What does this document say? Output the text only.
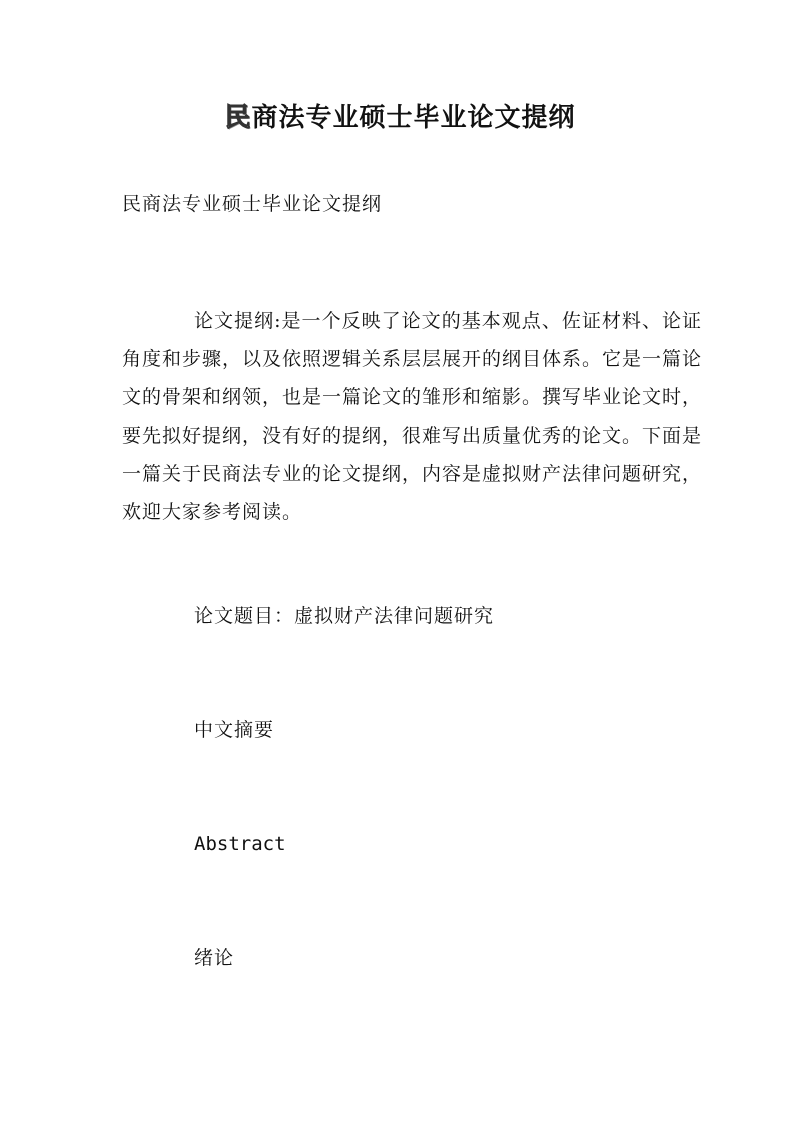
民商法专业硕士毕业论文提纲
民商法专业硕士毕业论文提纲

论文提纲:是一个反映了论文的基本观点、佐证材料、论证角度和步骤，以及依照逻辑关系层层展开的纲目体系。它是一篇论文的骨架和纲领，也是一篇论文的雏形和缩影。撰写毕业论文时，要先拟好提纲，没有好的提纲，很难写出质量优秀的论文。下面是一篇关于民商法专业的论文提纲，内容是虚拟财产法律问题研究，欢迎大家参考阅读。

论文题目：虚拟财产法律问题研究
中文摘要
Abstract
绪论
